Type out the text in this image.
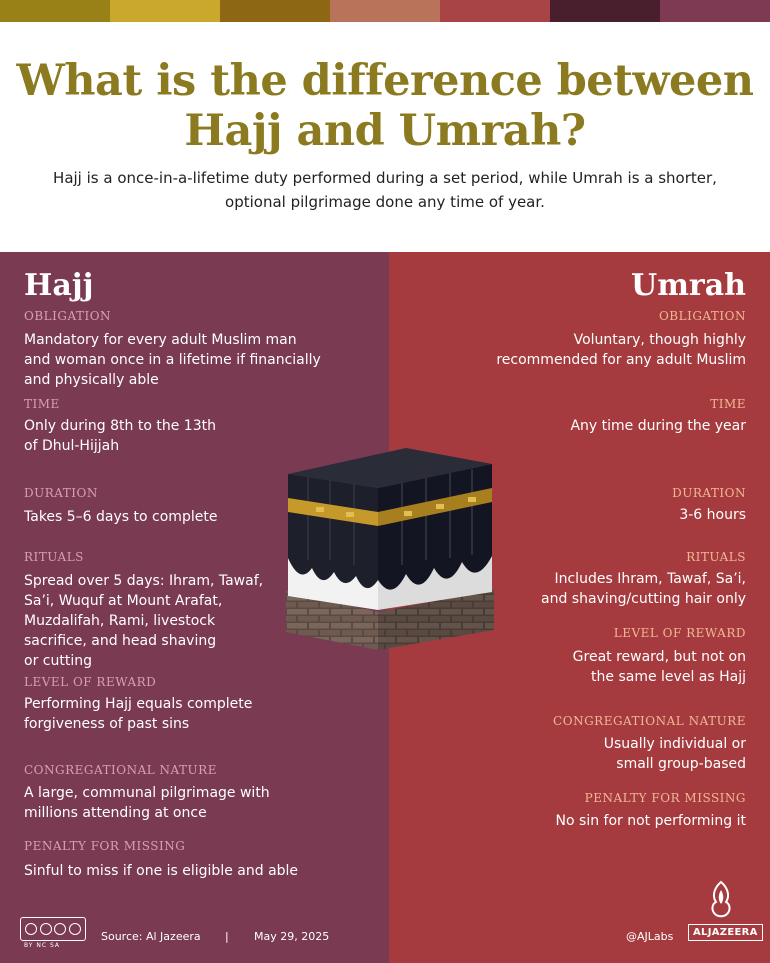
What is the difference between
Hajj and Umrah?

Hajj is a once-in-a-lifetime duty performed during a set period, while Umrah is a shorter,
optional pilgrimage done any time of year.

Hajj

OBLIGATION

Mandatory for every adult Muslim man
and woman once in a lifetime if financially
and physically able

TIME

Only during 8th to the 13th
of Dhul-Hijjah

DURATION

Takes 5–6 days to complete

RITUALS

Spread over 5 days: Ihram, Tawaf,
Sa’i, Wuquf at Mount Arafat,
Muzdalifah, Rami, livestock
sacrifice, and head shaving
or cutting

LEVEL OF REWARD

Performing Hajj equals complete
forgiveness of past sins

CONGREGATIONAL NATURE

A large, communal pilgrimage with
millions attending at once

PENALTY FOR MISSING

Sinful to miss if one is eligible and able

Umrah

OBLIGATION

Voluntary, though highly
recommended for any adult Muslim

TIME

Any time during the year

DURATION

3-6 hours

RITUALS

Includes Ihram, Tawaf, Sa’i,
and shaving/cutting hair only

LEVEL OF REWARD

Great reward, but not on
the same level as Hajj

CONGREGATIONAL NATURE

Usually individual or
small group-based

PENALTY FOR MISSING

No sin for not performing it

BY NC SA
Source: Al Jazeera | May 29, 2025	@AJLabs	ALJAZEERA
